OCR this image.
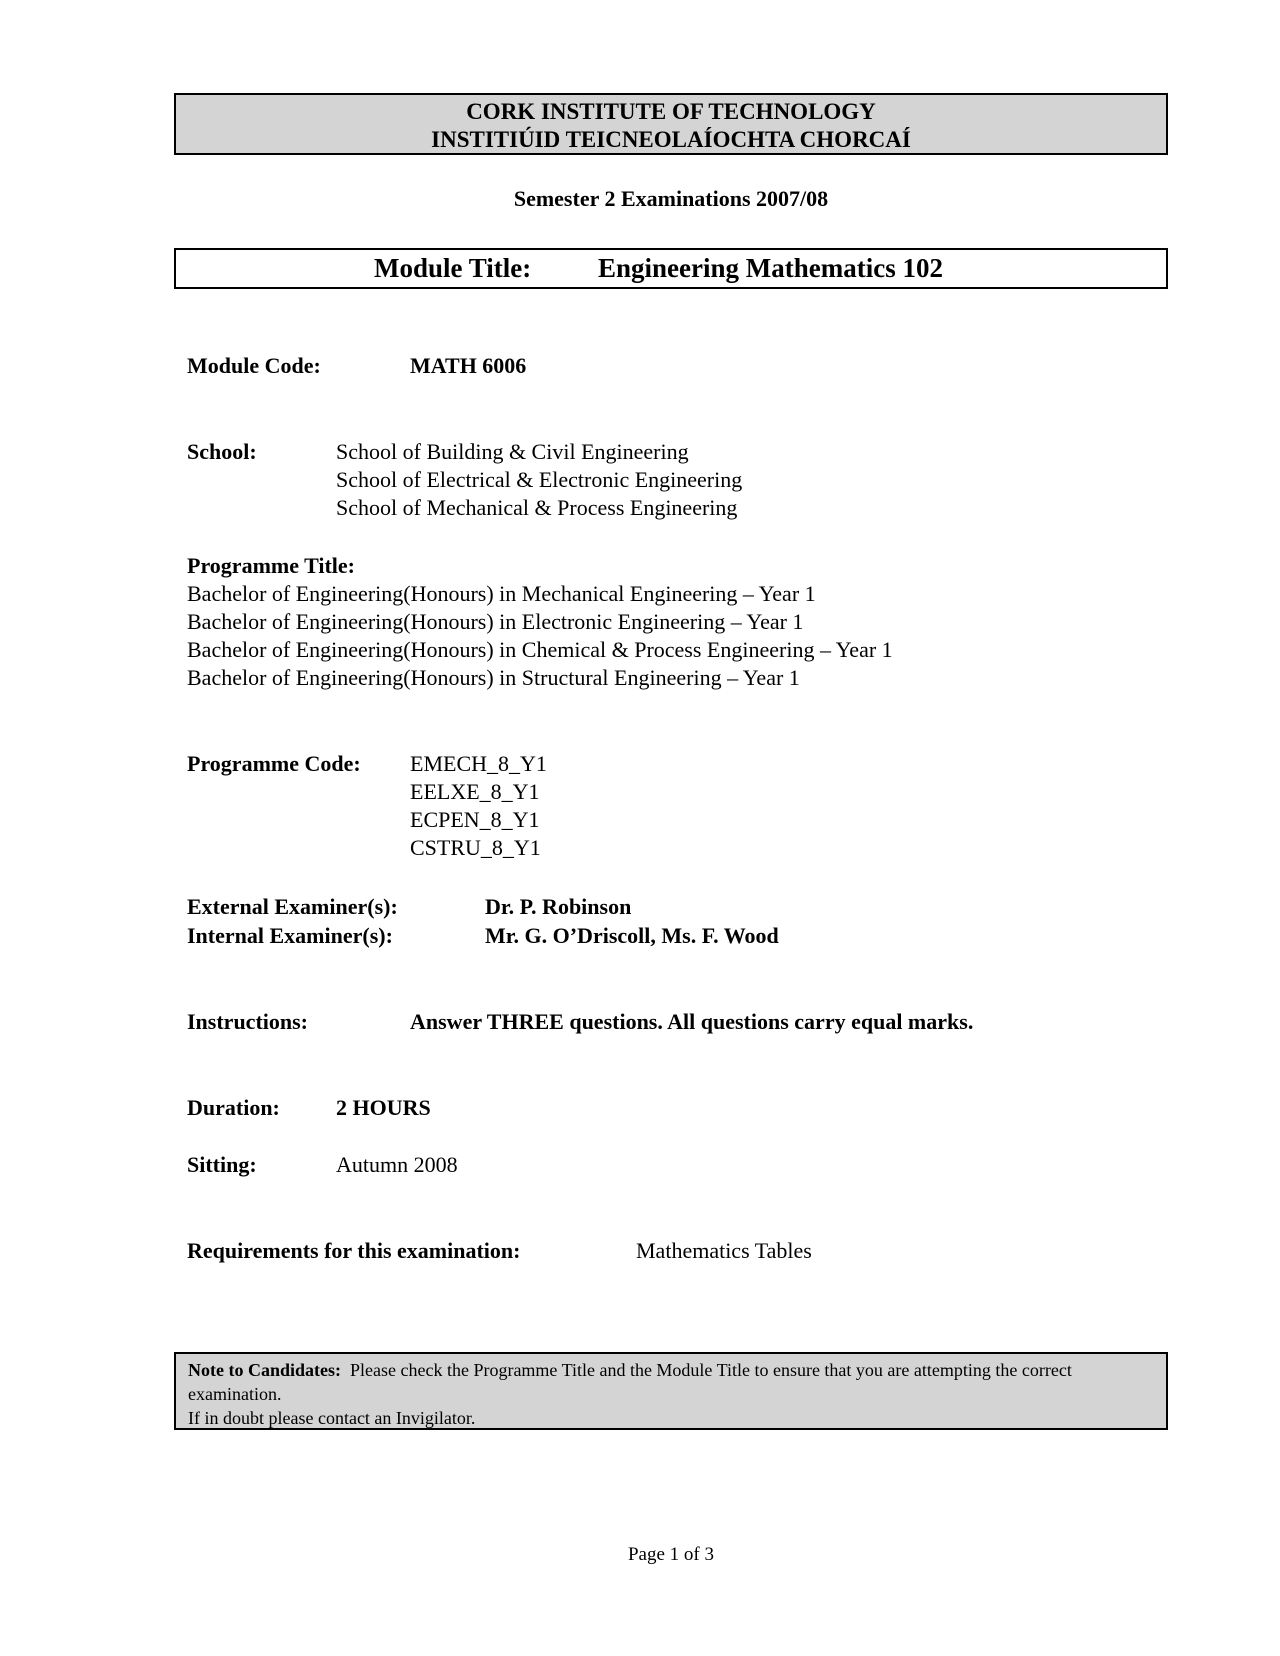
CORK INSTITUTE OF TECHNOLOGY
INSTITIÚID TEICNEOLAÍOCHTA CHORCAÍ
Semester 2 Examinations 2007/08
Module Title: Engineering Mathematics 102
Module Code:	MATH 6006
School:	School of Building & Civil Engineering
School of Electrical & Electronic Engineering
School of Mechanical & Process Engineering
Programme Title:
Bachelor of Engineering(Honours) in Mechanical Engineering – Year 1
Bachelor of Engineering(Honours) in Electronic Engineering – Year 1
Bachelor of Engineering(Honours) in Chemical & Process Engineering – Year 1
Bachelor of Engineering(Honours) in Structural Engineering – Year 1
Programme Code: EMECH_8_Y1
EELXE_8_Y1
ECPEN_8_Y1
CSTRU_8_Y1
External Examiner(s):	Dr. P. Robinson
Internal Examiner(s):	Mr. G. O’Driscoll, Ms. F. Wood
Instructions:	Answer THREE questions. All questions carry equal marks.
Duration:	2 HOURS
Sitting:	Autumn 2008
Requirements for this examination:	Mathematics Tables
Note to Candidates: Please check the Programme Title and the Module Title to ensure that you are attempting the correct examination.
If in doubt please contact an Invigilator.
Page 1 of 3
